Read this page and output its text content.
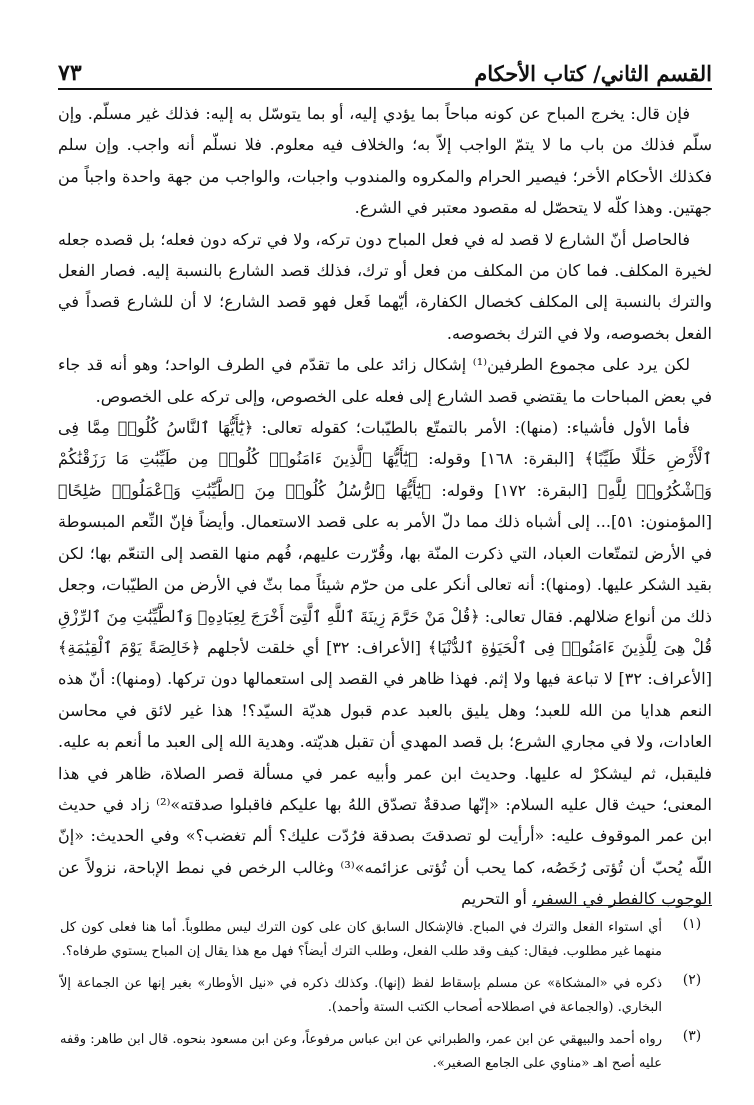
٧٣	القسم الثاني/ كتاب الأحكام

فإن قال: يخرج المباح عن كونه مباحاً بما يؤدي إليه، أو بما يتوسّل به إليه: فذلك غير مسلّم. وإن سلّم فذلك من باب ما لا يتمّ الواجب إلاّ به؛ والخلاف فيه معلوم. فلا نسلّم أنه واجب. وإن سلم فكذلك الأحكام الأخر؛ فيصير الحرام والمكروه والمندوب واجبات، والواجب من جهة واحدة واجباً من جهتين. وهذا كلّه لا يتحصّل له مقصود معتبر في الشرع.

فالحاصل أنّ الشارع لا قصد له في فعل المباح دون تركه، ولا في تركه دون فعله؛ بل قصده جعله لخيرة المكلف. فما كان من المكلف من فعل أو ترك، فذلك قصد الشارع بالنسبة إليه. فصار الفعل والترك بالنسبة إلى المكلف كخصال الكفارة، أيّهما فَعل فهو قصد الشارع؛ لا أن للشارع قصداً في الفعل بخصوصه، ولا في الترك بخصوصه.

لكن يرد على مجموع الطرفين⁽¹⁾ إشكال زائد على ما تقدّم في الطرف الواحد؛ وهو أنه قد جاء في بعض المباحات ما يقتضي قصد الشارع إلى فعله على الخصوص، وإلى تركه على الخصوص.

فأما الأول فأشياء: (منها): الأمر بالتمتّع بالطيّبات؛ كقوله تعالى: ﴿يَٰٓأَيُّهَا ٱلنَّاسُ كُلُوا۟ مِمَّا فِى ٱلْأَرْضِ حَلَٰلًا طَيِّبًا﴾ [البقرة: ١٦٨] وقوله: ﴿يَٰٓأَيُّهَا ٱلَّذِينَ ءَامَنُوا۟ كُلُوا۟ مِن طَيِّبَٰتِ مَا رَزَقْنَٰكُمْ وَٱشْكُرُوا۟ لِلَّهِ﴾ [البقرة: ١٧٢] وقوله: ﴿يَٰٓأَيُّهَا ٱلرُّسُلُ كُلُوا۟ مِنَ ٱلطَّيِّبَٰتِ وَٱعْمَلُوا۟ صَٰلِحًا﴾ [المؤمنون: ٥١]... إلى أشباه ذلك مما دلّ الأمر به على قصد الاستعمال. وأيضاً فإنّ النِّعم المبسوطة في الأرض لتمتّعات العباد، التي ذكرت المنّة بها، وقُرّرت عليهم، فُهم منها القصد إلى التنعّم بها؛ لكن بقيد الشكر عليها. (ومنها): أنه تعالى أنكر على من حرّم شيئاً مما بثّ في الأرض من الطيّبات، وجعل ذلك من أنواع ضلالهم. فقال تعالى: ﴿قُلْ مَنْ حَرَّمَ زِينَةَ ٱللَّهِ ٱلَّتِىٓ أَخْرَجَ لِعِبَادِهِۦ وَٱلطَّيِّبَٰتِ مِنَ ٱلرِّزْقِ قُلْ هِىَ لِلَّذِينَ ءَامَنُوا۟ فِى ٱلْحَيَوٰةِ ٱلدُّنْيَا﴾ [الأعراف: ٣٢] أي خلقت لأجلهم ﴿خَالِصَةً يَوْمَ ٱلْقِيَٰمَةِ﴾ [الأعراف: ٣٢] لا تباعة فيها ولا إثم. فهذا ظاهر في القصد إلى استعمالها دون تركها. (ومنها): أنّ هذه النعم هدايا من الله للعبد؛ وهل يليق بالعبد عدم قبول هديّة السيّد؟! هذا غير لائق في محاسن العادات، ولا في مجاري الشرع؛ بل قصد المهدي أن تقبل هديّته. وهدية الله إلى العبد ما أنعم به عليه. فليقبل، ثم ليشكرْ له عليها. وحديث ابن عمر وأبيه عمر في مسألة قصر الصلاة، ظاهر في هذا المعنى؛ حيث قال عليه السلام: «إنّها صدقةٌ تصدّق اللهُ بها عليكم فاقبلوا صدقته»⁽²⁾ زاد في حديث ابن عمر الموقوف عليه: «أرأيت لو تصدقتَ بصدقة فرُدّت عليك؟ ألم تغضب؟» وفي الحديث: «إنّ اللّه يُحبّ أن تُؤتى رُخَصُه، كما يحب أن تُؤتى عزائمه»⁽³⁾ وغالب الرخص في نمط الإباحة، نزولاً عن الوجوب كالفطر في السفر، أو التحريم

(١)
أي استواء الفعل والترك في المباح. فالإشكال السابق كان على كون الترك ليس مطلوباً. أما هنا فعلى كون كل منهما غير مطلوب. فيقال: كيف وقد طلب الفعل، وطلب الترك أيضاً؟ فهل مع هذا يقال إن المباح يستوي طرفاه؟.
(٢)
ذكره في «المشكاة» عن مسلم بإسقاط لفظ (إنها). وكذلك ذكره في «نيل الأوطار» بغير إنها عن الجماعة إلاّ البخاري. (والجماعة في اصطلاحه أصحاب الكتب الستة وأحمد).
(٣)
رواه أحمد والبيهقي عن ابن عمر، والطبراني عن ابن عباس مرفوعاً، وعن ابن مسعود بنحوه. قال ابن طاهر: وقفه عليه أصح اهـ «مناوي على الجامع الصغير».
